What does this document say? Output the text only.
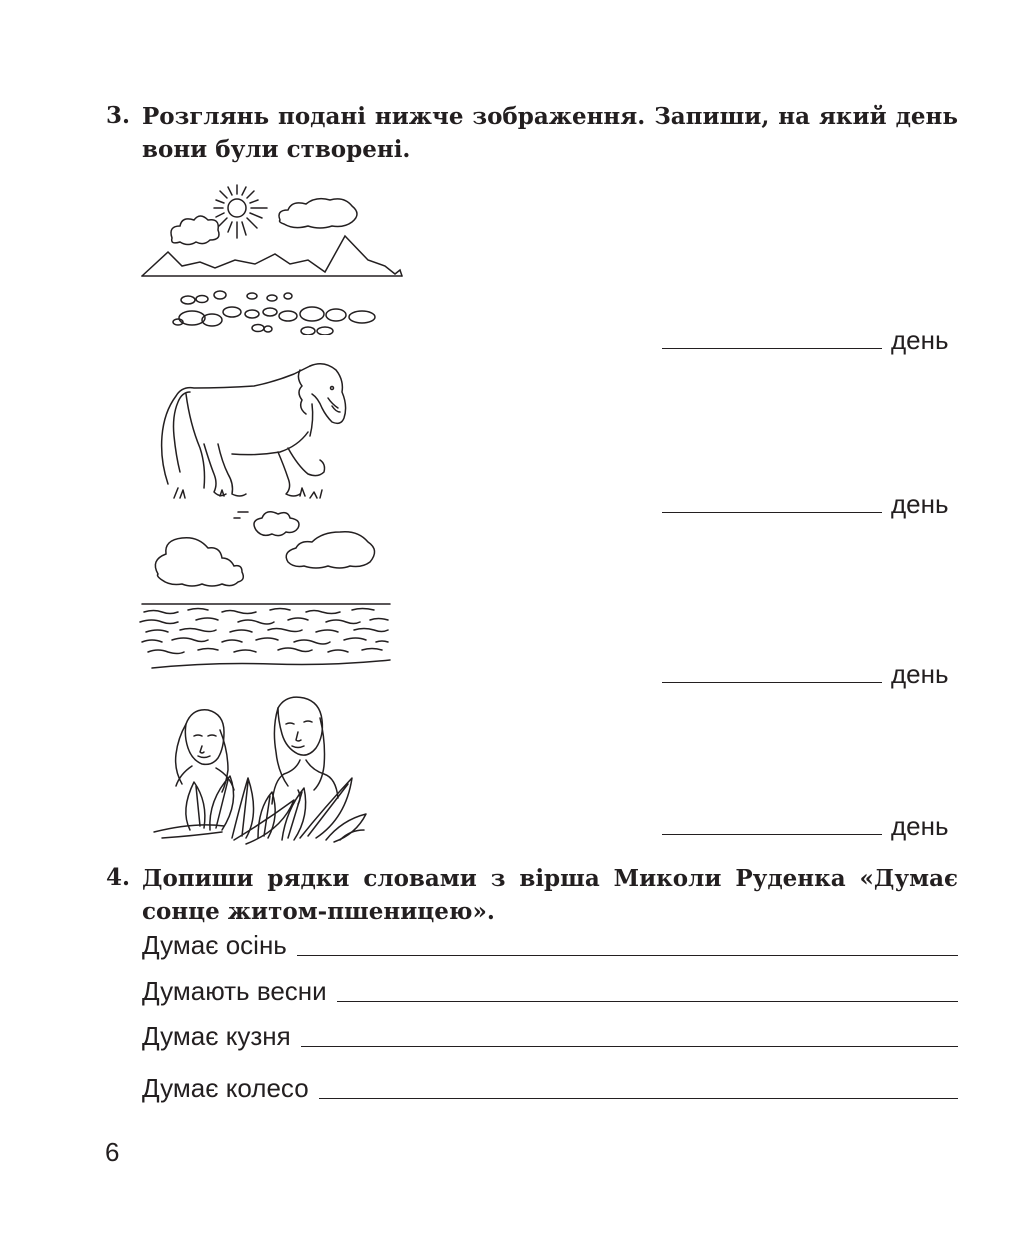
3. Розглянь подані нижче зображення. Запиши, на який день вони були створені.

день
день
день
день
4. Допиши рядки словами з вірша Миколи Руденка «Думає сонце житом-пшеницею».

Думає осінь
Думають весни
Думає кузня
Думає колесо
6
